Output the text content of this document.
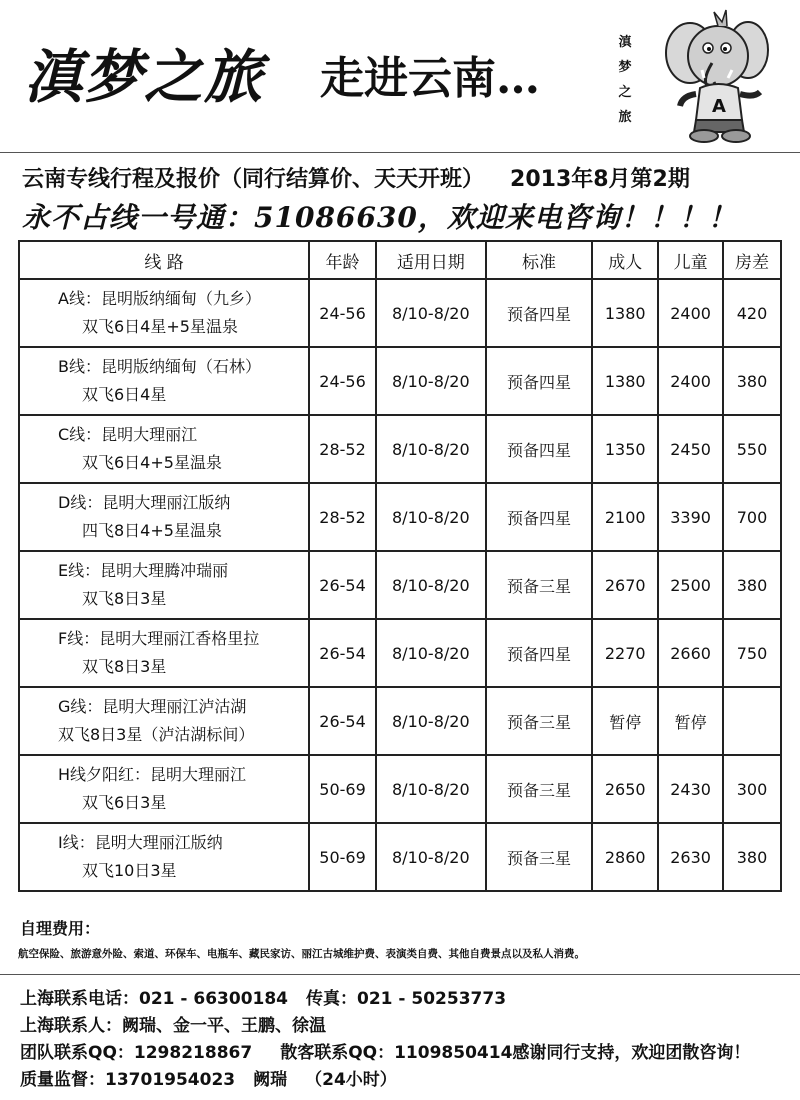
滇梦之旅 走进云南…
滇
梦
之
旅
A
云南专线行程及报价（同行结算价、天天开班） 2013年8月第2期
永不占线一号通：51086630，欢迎来电咨询！！！！
线 路	年龄	适用日期	标准	成人	儿童	房差

A线：昆明版纳缅甸（九乡）
双飞6日4星+5星温泉	24-56	8/10-8/20	预备四星	1380	2400	420

B线：昆明版纳缅甸（石林）
双飞6日4星	24-56	8/10-8/20	预备四星	1380	2400	380

C线：昆明大理丽江
双飞6日4+5星温泉	28-52	8/10-8/20	预备四星	1350	2450	550

D线：昆明大理丽江版纳
四飞8日4+5星温泉	28-52	8/10-8/20	预备四星	2100	3390	700

E线：昆明大理腾冲瑞丽
双飞8日3星	26-54	8/10-8/20	预备三星	2670	2500	380

F线：昆明大理丽江香格里拉
双飞8日3星	26-54	8/10-8/20	预备四星	2270	2660	750

G线：昆明大理丽江泸沽湖
双飞8日3星（泸沽湖标间）	26-54	8/10-8/20	预备三星	暂停	暂停	

H线夕阳红：昆明大理丽江
双飞6日3星	50-69	8/10-8/20	预备三星	2650	2430	300

I线：昆明大理丽江版纳
双飞10日3星	50-69	8/10-8/20	预备三星	2860	2630	380
自理费用：
航空保险、旅游意外险、索道、环保车、电瓶车、藏民家访、丽江古城维护费、表演类自费、其他自费景点以及私人消费。
上海联系电话：021 - 66300184 传真：021 - 50253773
上海联系人：阙瑞、金一平、王鹏、徐温
团队联系QQ：1298218867 散客联系QQ：1109850414感谢同行支持，欢迎团散咨询！
质量监督：13701954023 阙瑞 （24小时）
